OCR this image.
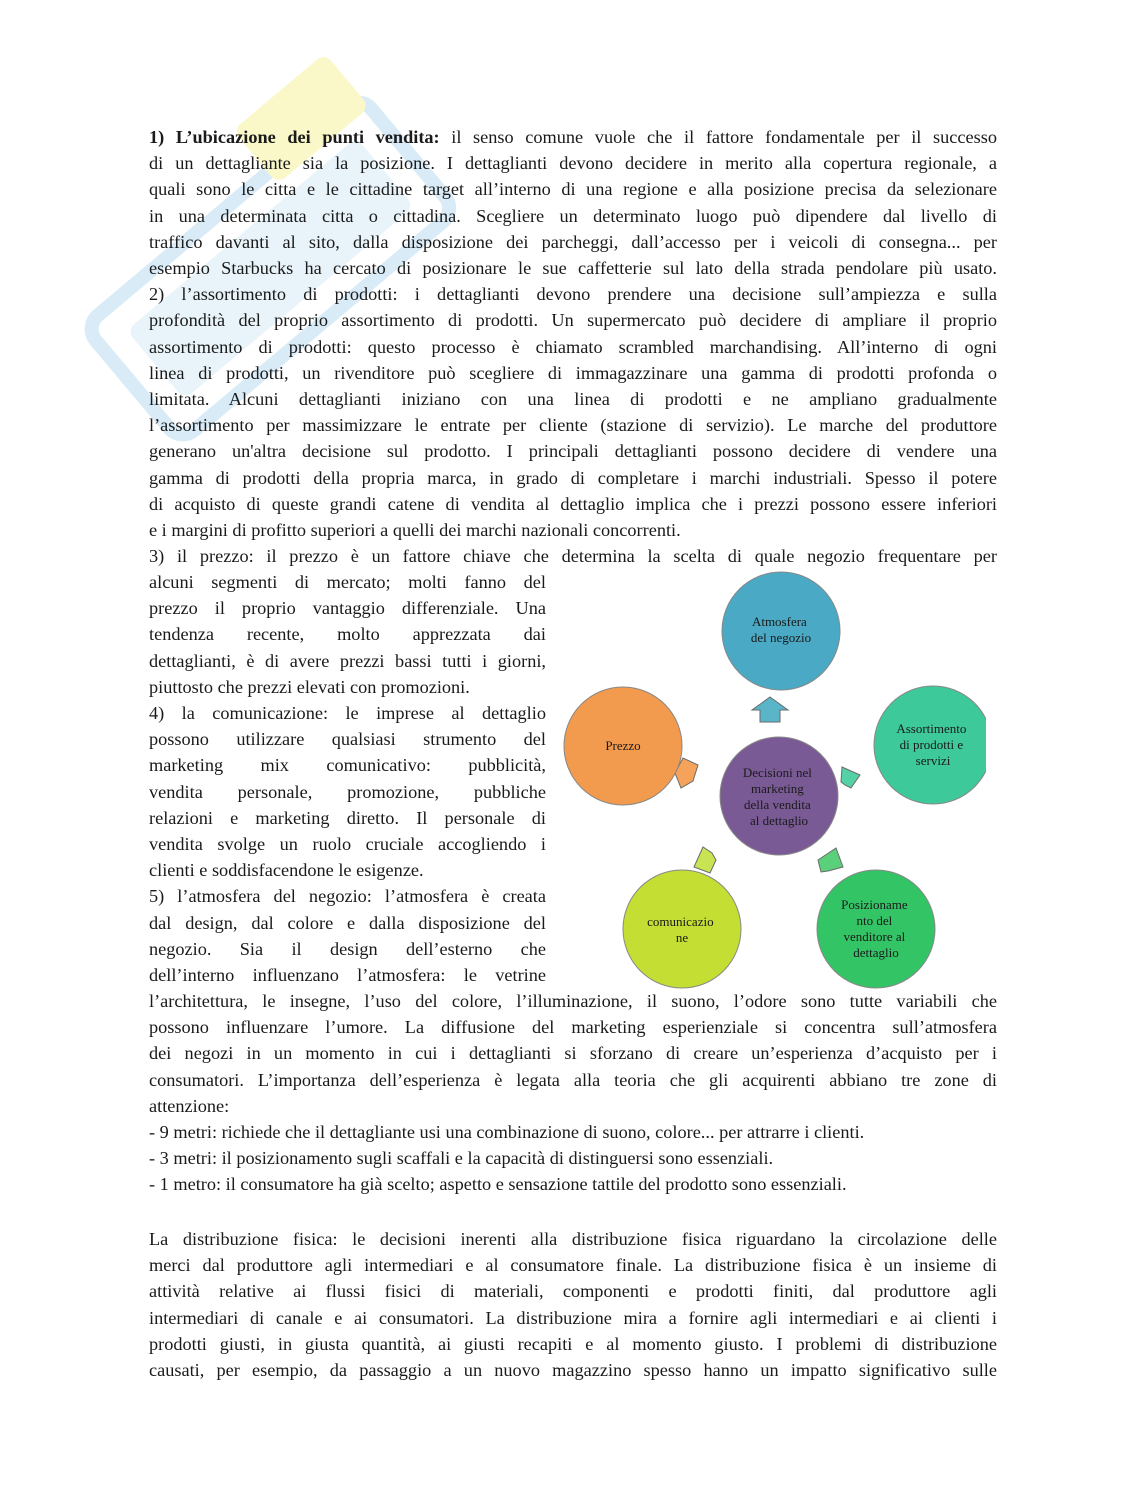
1) L’ubicazione dei punti vendita: il senso comune vuole che il fattore fondamentale per il successo

di un dettagliante sia la posizione. I dettaglianti devono decidere in merito alla copertura regionale, a

quali sono le citta e le cittadine target all’interno di una regione e alla posizione precisa da selezionare

in una determinata citta o cittadina. Scegliere un determinato luogo può dipendere dal livello di

traffico davanti al sito, dalla disposizione dei parcheggi, dall’accesso per i veicoli di consegna... per

esempio Starbucks ha cercato di posizionare le sue caffetterie sul lato della strada pendolare più usato.

2) l’assortimento di prodotti: i dettaglianti devono prendere una decisione sull’ampiezza e sulla

profondità del proprio assortimento di prodotti. Un supermercato può decidere di ampliare il proprio

assortimento di prodotti: questo processo è chiamato scrambled marchandising. All’interno di ogni

linea di prodotti, un rivenditore può scegliere di immagazzinare una gamma di prodotti profonda o

limitata. Alcuni dettaglianti iniziano con una linea di prodotti e ne ampliano gradualmente

l’assortimento per massimizzare le entrate per cliente (stazione di servizio). Le marche del produttore

generano un'altra decisione sul prodotto. I principali dettaglianti possono decidere di vendere una

gamma di prodotti della propria marca, in grado di completare i marchi industriali. Spesso il potere

di acquisto di queste grandi catene di vendita al dettaglio implica che i prezzi possono essere inferiori

e i margini di profitto superiori a quelli dei marchi nazionali concorrenti.

3) il prezzo: il prezzo è un fattore chiave che determina la scelta di quale negozio frequentare per

alcuni segmenti di mercato; molti fanno del

prezzo il proprio vantaggio differenziale. Una

tendenza recente, molto apprezzata dai

dettaglianti, è di avere prezzi bassi tutti i giorni,

piuttosto che prezzi elevati con promozioni.

4) la comunicazione: le imprese al dettaglio

possono utilizzare qualsiasi strumento del

marketing mix comunicativo: pubblicità,

vendita personale, promozione, pubbliche

relazioni e marketing diretto. Il personale di

vendita svolge un ruolo cruciale accogliendo i

clienti e soddisfacendone le esigenze.

5) l’atmosfera del negozio: l’atmosfera è creata

dal design, dal colore e dalla disposizione del

negozio. Sia il design dell’esterno che

dell’interno influenzano l’atmosfera: le vetrine

Atmosfera del negozio
Assortimento di prodotti e servizi
Posizioname nto del venditore al dettaglio
comunicazio ne
Prezzo
Decisioni nel marketing della vendita al dettaglio

l’architettura, le insegne, l’uso del colore, l’illuminazione, il suono, l’odore sono tutte variabili che

possono influenzare l’umore. La diffusione del marketing esperienziale si concentra sull’atmosfera

dei negozi in un momento in cui i dettaglianti si sforzano di creare un’esperienza d’acquisto per i

consumatori. L’importanza dell’esperienza è legata alla teoria che gli acquirenti abbiano tre zone di

attenzione:

- 9 metri: richiede che il dettagliante usi una combinazione di suono, colore... per attrarre i clienti.

- 3 metri: il posizionamento sugli scaffali e la capacità di distinguersi sono essenziali.

- 1 metro: il consumatore ha già scelto; aspetto e sensazione tattile del prodotto sono essenziali.

La distribuzione fisica: le decisioni inerenti alla distribuzione fisica riguardano la circolazione delle

merci dal produttore agli intermediari e al consumatore finale. La distribuzione fisica è un insieme di

attività relative ai flussi fisici di materiali, componenti e prodotti finiti, dal produttore agli

intermediari di canale e ai consumatori. La distribuzione mira a fornire agli intermediari e ai clienti i

prodotti giusti, in giusta quantità, ai giusti recapiti e al momento giusto. I problemi di distribuzione

causati, per esempio, da passaggio a un nuovo magazzino spesso hanno un impatto significativo sulle
